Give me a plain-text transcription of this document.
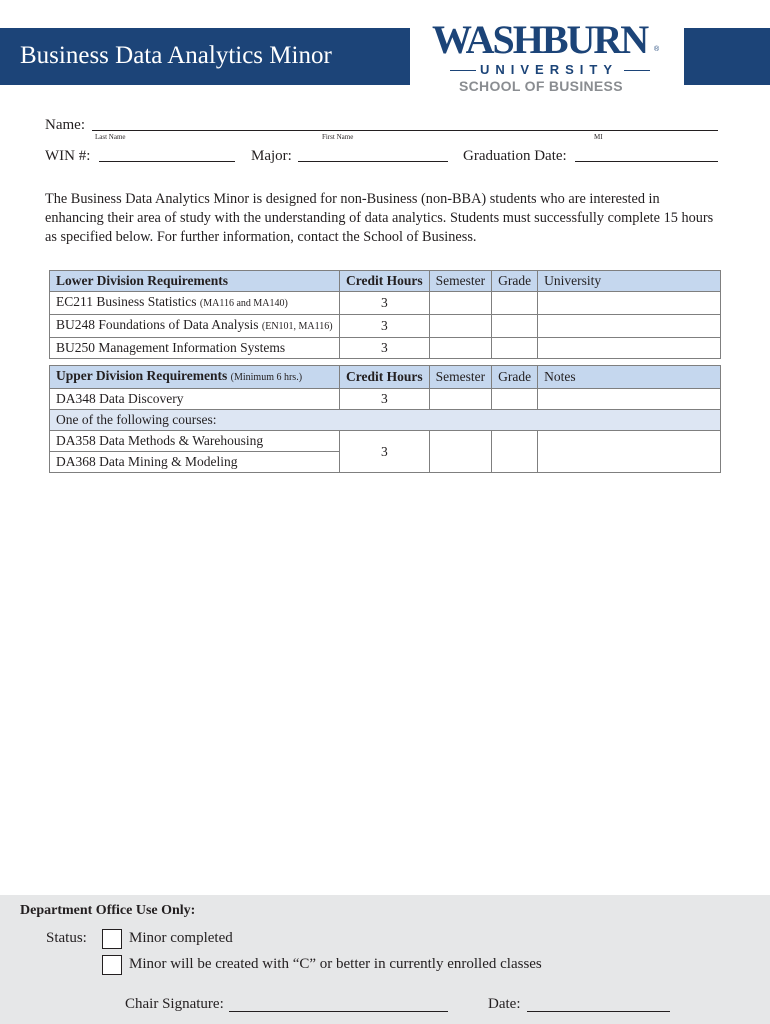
Business Data Analytics Minor	WASHBURN ®
UNIVERSITY
SCHOOL OF BUSINESS
Name:
Last Name	First Name	MI
WIN #:	Major:	Graduation Date:
The Business Data Analytics Minor is designed for non-Business (non-BBA) students who are interested in enhancing their area of study with the understanding of data analytics. Students must successfully complete 15 hours as specified below. For further information, contact the School of Business.
Lower Division Requirements	Credit Hours	Semester	Grade	University
EC211 Business Statistics (MA116 and MA140)	3			
BU248 Foundations of Data Analysis (EN101, MA116)	3			
BU250 Management Information Systems	3			
Upper Division Requirements (Minimum 6 hrs.)	Credit Hours	Semester	Grade	Notes
DA348 Data Discovery	3			
One of the following courses:				
DA358 Data Methods & Warehousing	3			
DA368 Data Mining & Modeling				
Department Office Use Only:
Status:	Minor completed
Minor will be created with “C” or better in currently enrolled classes
Chair Signature:	Date:
